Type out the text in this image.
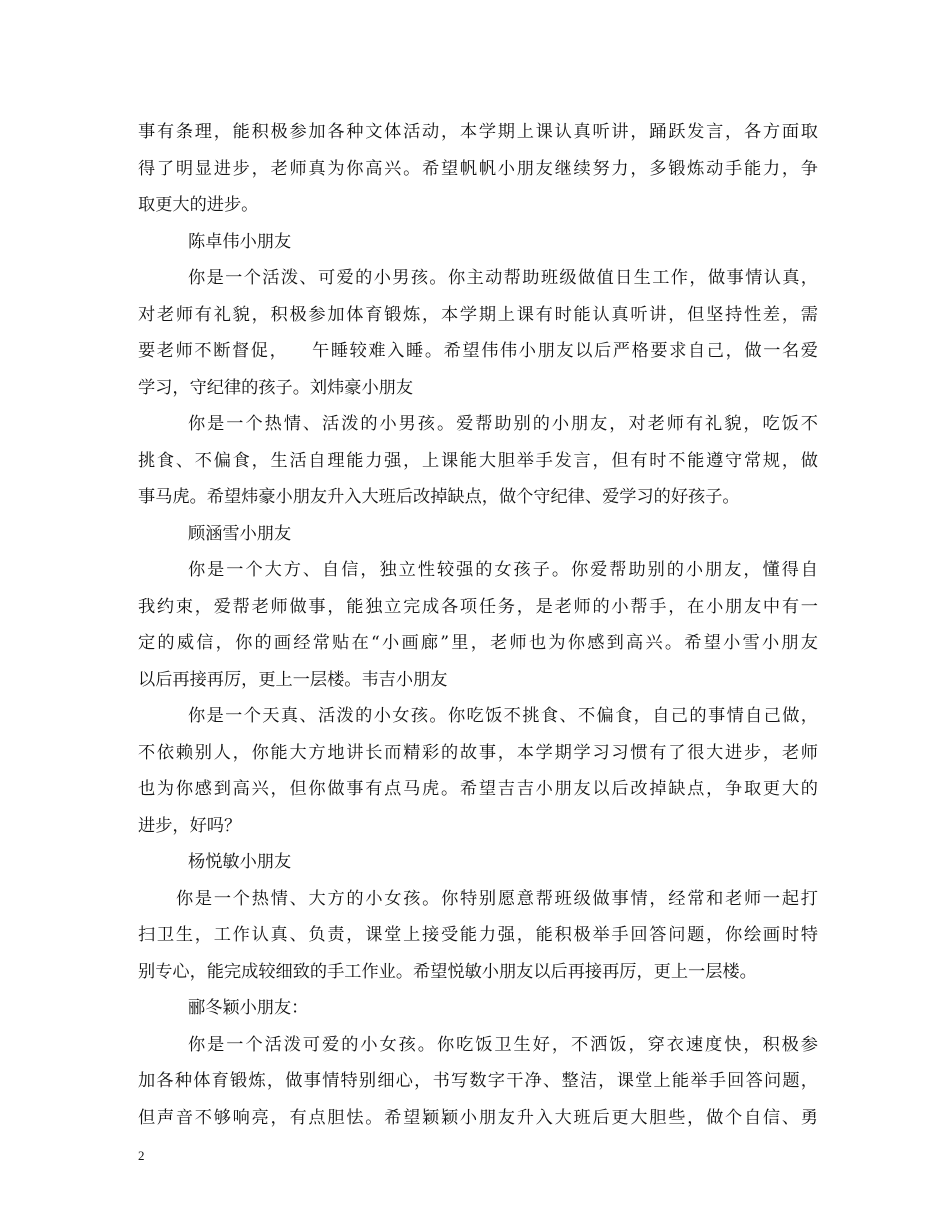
事有条理，能积极参加各种文体活动，本学期上课认真听讲，踊跃发言，各方面取
得了明显进步，老师真为你高兴。希望帆帆小朋友继续努力，多锻炼动手能力，争
取更大的进步。
陈卓伟小朋友
你是一个活泼、可爱的小男孩。你主动帮助班级做值日生工作，做事情认真，
对老师有礼貌，积极参加体育锻炼，本学期上课有时能认真听讲，但坚持性差，需
要老师不断督促， 午睡较难入睡。希望伟伟小朋友以后严格要求自己，做一名爱
学习，守纪律的孩子。刘炜豪小朋友
你是一个热情、活泼的小男孩。爱帮助别的小朋友，对老师有礼貌，吃饭不
挑食、不偏食，生活自理能力强，上课能大胆举手发言，但有时不能遵守常规，做
事马虎。希望炜豪小朋友升入大班后改掉缺点，做个守纪律、爱学习的好孩子。
顾涵雪小朋友
你是一个大方、自信，独立性较强的女孩子。你爱帮助别的小朋友，懂得自
我约束，爱帮老师做事，能独立完成各项任务，是老师的小帮手，在小朋友中有一
定的威信，你的画经常贴在“小画廊”里，老师也为你感到高兴。希望小雪小朋友
以后再接再厉，更上一层楼。韦吉小朋友
你是一个天真、活泼的小女孩。你吃饭不挑食、不偏食，自己的事情自己做，
不依赖别人，你能大方地讲长而精彩的故事，本学期学习习惯有了很大进步，老师
也为你感到高兴，但你做事有点马虎。希望吉吉小朋友以后改掉缺点，争取更大的
进步，好吗？
杨悦敏小朋友
你是一个热情、大方的小女孩。你特别愿意帮班级做事情，经常和老师一起打
扫卫生，工作认真、负责，课堂上接受能力强，能积极举手回答问题，你绘画时特
别专心，能完成较细致的手工作业。希望悦敏小朋友以后再接再厉，更上一层楼。
郦冬颖小朋友：
你是一个活泼可爱的小女孩。你吃饭卫生好，不洒饭，穿衣速度快，积极参
加各种体育锻炼，做事情特别细心，书写数字干净、整洁，课堂上能举手回答问题，
但声音不够响亮，有点胆怯。希望颖颖小朋友升入大班后更大胆些，做个自信、勇
2
